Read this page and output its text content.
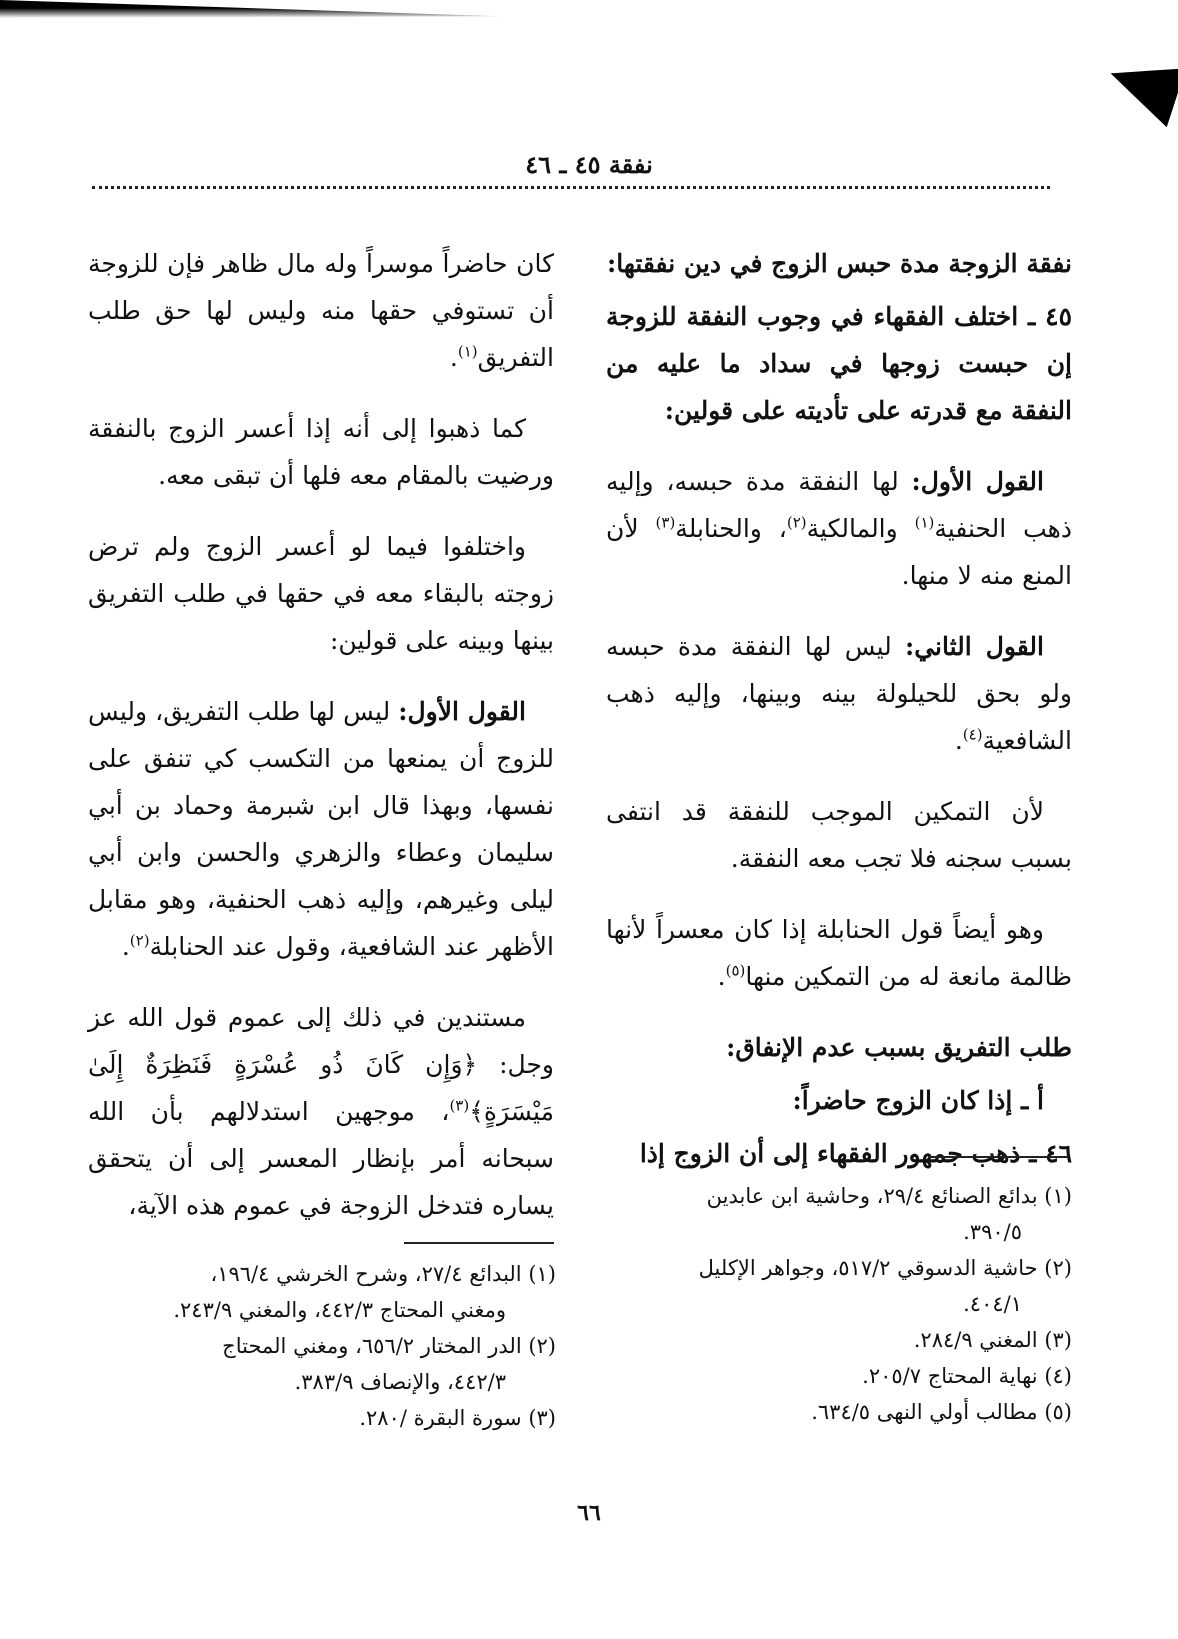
نفقة ٤٥ ـ ٤٦

نفقة الزوجة مدة حبس الزوج في دين نفقتها:

٤٥ ـ اختلف الفقهاء في وجوب النفقة للزوجة إن حبست زوجها في سداد ما عليه من النفقة مع قدرته على تأديته على قولين:

القول الأول: لها النفقة مدة حبسه، وإليه ذهب الحنفية$^{(١)}$ والمالكية$^{(٢)}$، والحنابلة$^{(٣)}$ لأن المنع منه لا منها.

القول الثاني: ليس لها النفقة مدة حبسه ولو بحق للحيلولة بينه وبينها، وإليه ذهب الشافعية$^{(٤)}$.

لأن التمكين الموجب للنفقة قد انتفى بسبب سجنه فلا تجب معه النفقة.

وهو أيضاً قول الحنابلة إذا كان معسراً لأنها ظالمة مانعة له من التمكين منها$^{(٥)}$.

طلب التفريق بسبب عدم الإنفاق:

أ ـ إذا كان الزوج حاضراً:

٤٦ ـ ذهب جمهور الفقهاء إلى أن الزوج إذا

كان حاضراً موسراً وله مال ظاهر فإن للزوجة أن تستوفي حقها منه وليس لها حق طلب التفريق$^{(١)}$.

كما ذهبوا إلى أنه إذا أعسر الزوج بالنفقة ورضيت بالمقام معه فلها أن تبقى معه.

واختلفوا فيما لو أعسر الزوج ولم ترض زوجته بالبقاء معه في حقها في طلب التفريق بينها وبينه على قولين:

القول الأول: ليس لها طلب التفريق، وليس للزوج أن يمنعها من التكسب كي تنفق على نفسها، وبهذا قال ابن شبرمة وحماد بن أبي سليمان وعطاء والزهري والحسن وابن أبي ليلى وغيرهم، وإليه ذهب الحنفية، وهو مقابل الأظهر عند الشافعية، وقول عند الحنابلة$^{(٢)}$.

مستندين في ذلك إلى عموم قول الله عز وجل: ﴿وَإِن كَانَ ذُو عُسْرَةٍ فَنَظِرَةٌ إِلَىٰ مَيْسَرَةٍ﴾$^{(٣)}$، موجهين استدلالهم بأن الله سبحانه أمر بإنظار المعسر إلى أن يتحقق يساره فتدخل الزوجة في عموم هذه الآية،	(١) بدائع الصنائع ٢٩/٤، وحاشية ابن عابدين
٣٩٠/٥.
(٢) حاشية الدسوقي ٥١٧/٢، وجواهر الإكليل
٤٠٤/١.
(٣) المغني ٢٨٤/٩.
(٤) نهاية المحتاج ٢٠٥/٧.
(٥) مطالب أولي النهى ٦٣٤/٥.
(١) البدائع ٢٧/٤، وشرح الخرشي ١٩٦/٤،
ومغني المحتاج ٤٤٢/٣، والمغني ٢٤٣/٩.
(٢) الدر المختار ٦٥٦/٢، ومغني المحتاج
٤٤٢/٣، والإنصاف ٣٨٣/٩.
(٣) سورة البقرة /٢٨٠.
٦٦
